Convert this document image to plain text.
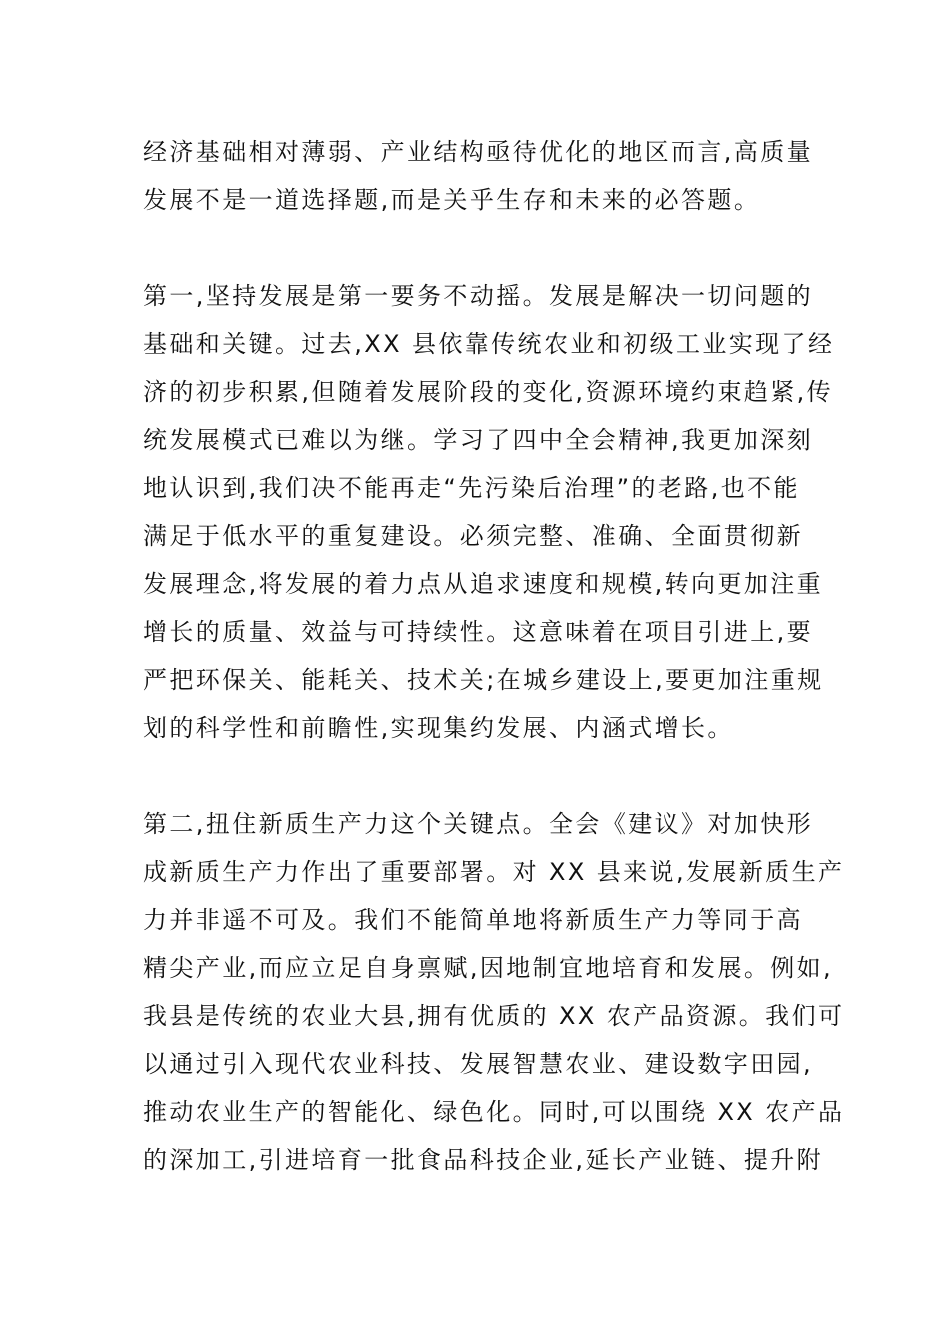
经济基础相对薄弱、产业结构亟待优化的地区而言,高质量
发展不是一道选择题,而是关乎生存和未来的必答题。
第一,坚持发展是第一要务不动摇。发展是解决一切问题的
基础和关键。过去,XX 县依靠传统农业和初级工业实现了经
济的初步积累,但随着发展阶段的变化,资源环境约束趋紧,传
统发展模式已难以为继。学习了四中全会精神,我更加深刻
地认识到,我们决不能再走“先污染后治理”的老路,也不能
满足于低水平的重复建设。必须完整、准确、全面贯彻新
发展理念,将发展的着力点从追求速度和规模,转向更加注重
增长的质量、效益与可持续性。这意味着在项目引进上,要
严把环保关、能耗关、技术关;在城乡建设上,要更加注重规
划的科学性和前瞻性,实现集约发展、内涵式增长。
第二,扭住新质生产力这个关键点。全会《建议》对加快形
成新质生产力作出了重要部署。对 XX 县来说,发展新质生产
力并非遥不可及。我们不能简单地将新质生产力等同于高
精尖产业,而应立足自身禀赋,因地制宜地培育和发展。例如,
我县是传统的农业大县,拥有优质的 XX 农产品资源。我们可
以通过引入现代农业科技、发展智慧农业、建设数字田园,
推动农业生产的智能化、绿色化。同时,可以围绕 XX 农产品
的深加工,引进培育一批食品科技企业,延长产业链、提升附
